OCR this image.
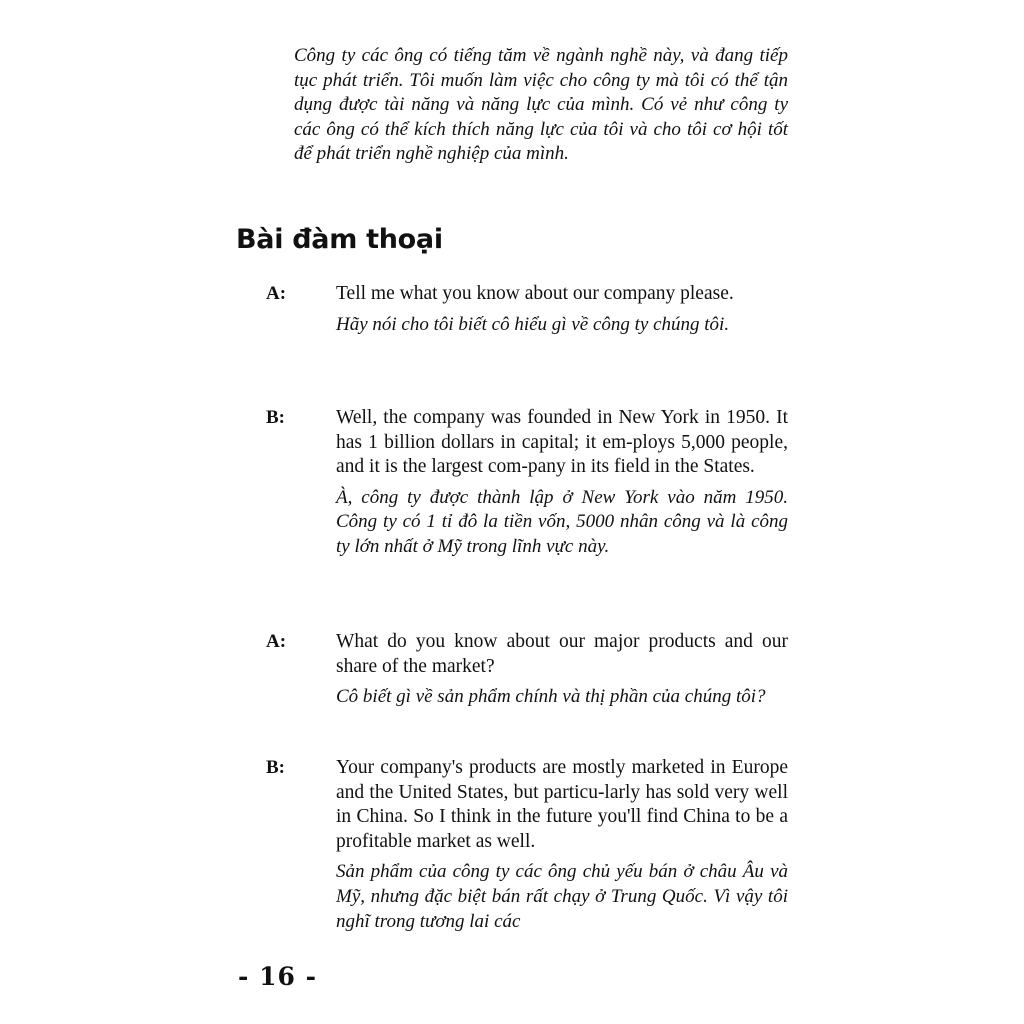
Công ty các ông có tiếng tăm về ngành nghề này, và đang tiếp tục phát triển. Tôi muốn làm việc cho công ty mà tôi có thể tận dụng được tài năng và năng lực của mình. Có vẻ như công ty các ông có thể kích thích năng lực của tôi và cho tôi cơ hội tốt để phát triển nghề nghiệp của mình.

Bài đàm thoại
A:	Tell me what you know about our company please.
Hãy nói cho tôi biết cô hiểu gì về công ty chúng tôi.
B:	Well, the company was founded in New York in 1950. It has 1 billion dollars in capital; it em-ploys 5,000 people, and it is the largest com-pany in its field in the States.
À, công ty được thành lập ở New York vào năm 1950. Công ty có 1 tỉ đô la tiền vốn, 5000 nhân công và là công ty lớn nhất ở Mỹ trong lĩnh vực này.
A:	What do you know about our major products and our share of the market?
Cô biết gì về sản phẩm chính và thị phần của chúng tôi?
B:	Your company's products are mostly marketed in Europe and the United States, but particu-larly has sold very well in China. So I think in the future you'll find China to be a profitable market as well.
Sản phẩm của công ty các ông chủ yếu bán ở châu Âu và Mỹ, nhưng đặc biệt bán rất chạy ở Trung Quốc. Vì vậy tôi nghĩ trong tương lai các
- 16 -
